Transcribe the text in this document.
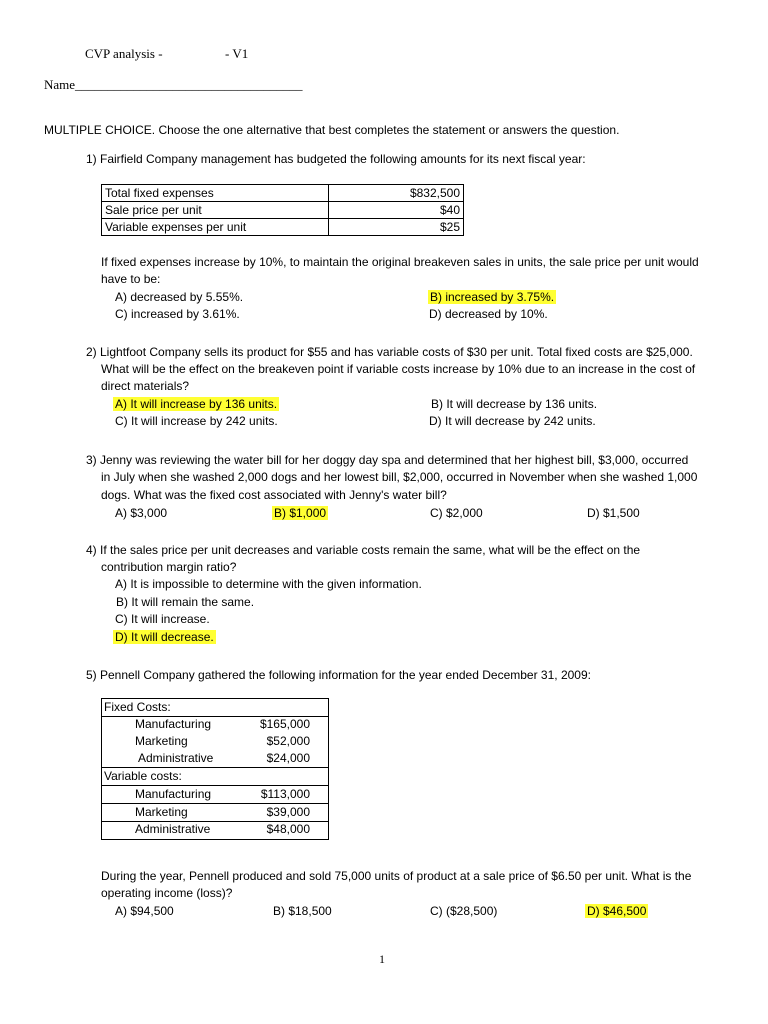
CVP analysis -	- V1
Name___________________________________
MULTIPLE CHOICE. Choose the one alternative that best completes the statement or answers the question.
1) Fairfield Company management has budgeted the following amounts for its next fiscal year:
Total fixed expenses	$832,500
Sale price per unit	$40
Variable expenses per unit	$25
If fixed expenses increase by 10%, to maintain the original breakeven sales in units, the sale price per unit would
have to be:
A) decreased by 5.55%.	B) increased by 3.75%.
C) increased by 3.61%.	D) decreased by 10%.
2) Lightfoot Company sells its product for $55 and has variable costs of $30 per unit. Total fixed costs are $25,000.
What will be the effect on the breakeven point if variable costs increase by 10% due to an increase in the cost of
direct materials?
A) It will increase by 136 units.	B) It will decrease by 136 units.
C) It will increase by 242 units.	D) It will decrease by 242 units.
3) Jenny was reviewing the water bill for her doggy day spa and determined that her highest bill, $3,000, occurred
in July when she washed 2,000 dogs and her lowest bill, $2,000, occurred in November when she washed 1,000
dogs. What was the fixed cost associated with Jenny's water bill?
A) $3,000	B) $1,000	C) $2,000	D) $1,500
4) If the sales price per unit decreases and variable costs remain the same, what will be the effect on the
contribution margin ratio?
A) It is impossible to determine with the given information.
B) It will remain the same.
C) It will increase.
D) It will decrease.
5) Pennell Company gathered the following information for the year ended December 31, 2009:
Fixed Costs:
Manufacturing	$165,000
Marketing	$52,000
Administrative	$24,000
Variable costs:
Manufacturing	$113,000
Marketing	$39,000
Administrative	$48,000
During the year, Pennell produced and sold 75,000 units of product at a sale price of $6.50 per unit. What is the
operating income (loss)?
A) $94,500	B) $18,500	C) ($28,500)	D) $46,500
1
